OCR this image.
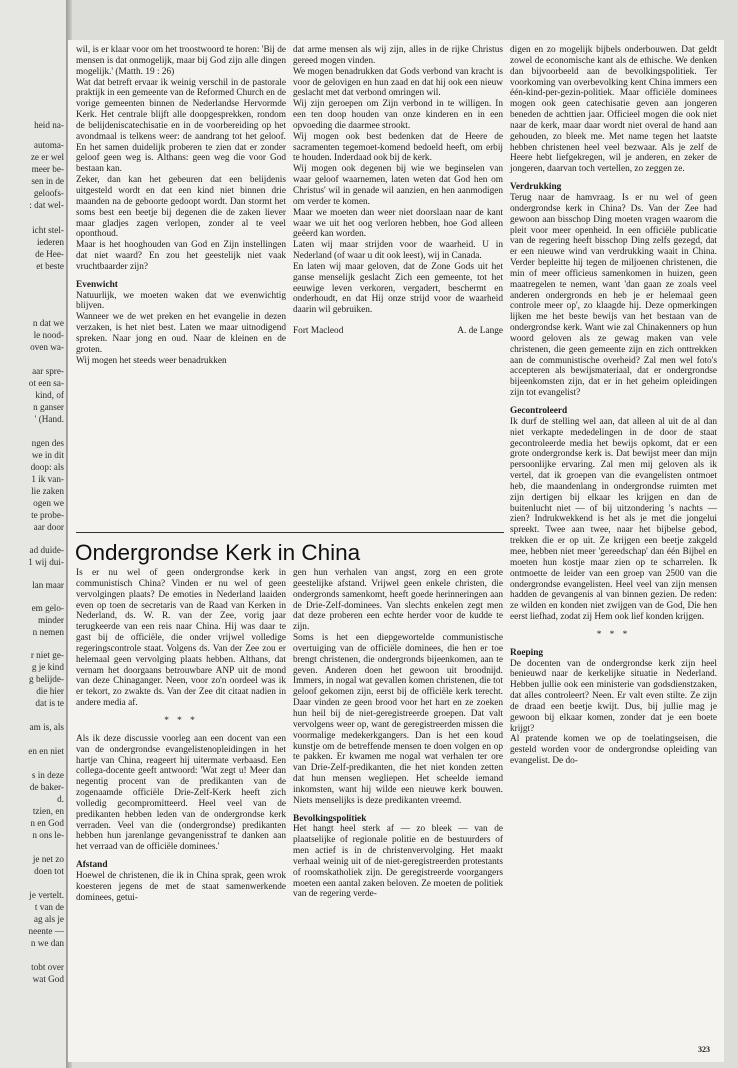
heid na-
automa-
ze er wel
meer be-
sen in de
geloofs-
: dat wel-
icht stel-
iederen
de Hee-
et beste
n dat we
le nood-
oven wa-
aar spre-
ot een sa-
kind, of
n ganser
' (Hand.
ngen des
we in dit
doop: als
1 ik van-
lie zaken
ogen we
te probe-
aar door
ad duide-
1 wij dui-
lan maar
em gelo-
minder
n nemen
r niet ge-
g je kind
g belijde-
die hier
dat is te
am is, als
en en niet
s in deze
de baker-
d.
tzien, en
n en God
n ons le-
je net zo
doen tot
je vertelt.
t van de
ag als je
neente —
n we dan
tobt over
wat God

wil, is er klaar voor om het troostwoord te horen: 'Bij de mensen is dat onmogelijk, maar bij God zijn alle dingen mogelijk.' (Matth. 19 : 26)

Wat dat betreft ervaar ik weinig verschil in de pastorale praktijk in een gemeente van de Reformed Church en de vorige gemeenten binnen de Nederlandse Hervormde Kerk. Het centrale blijft alle doopgesprekken, rondom de belijdeniscatechisatie en in de voorbereiding op het avondmaal is telkens weer: de aandrang tot het geloof. En het samen duidelijk proberen te zien dat er zonder geloof geen weg is. Althans: geen weg die voor God bestaan kan.

Zeker, dan kan het gebeuren dat een belijdenis uitgesteld wordt en dat een kind niet binnen drie maanden na de geboorte gedoopt wordt. Dan stormt het soms best een beetje bij degenen die de zaken liever maar gladjes zagen verlopen, zonder al te veel oponthoud.

Maar is het hooghouden van God en Zijn instellingen dat niet waard? En zou het geestelijk niet vaak vruchtbaarder zijn?

Evenwicht

Natuurlijk, we moeten waken dat we evenwichtig blijven.

Wanneer we de wet preken en het evangelie in dezen verzaken, is het niet best. Laten we maar uitnodigend spreken. Naar jong en oud. Naar de kleinen en de groten.

Wij mogen het steeds weer benadrukken

dat arme mensen als wij zijn, alles in de rijke Christus gereed mogen vinden.

We mogen benadrukken dat Gods verbond van kracht is voor de gelovigen en hun zaad en dat hij ook een nieuw geslacht met dat verbond omringen wil.

Wij zijn geroepen om Zijn verbond in te willigen. In een ten doop houden van onze kinderen en in een opvoeding die daarmee strookt.

Wij mogen ook best bedenken dat de Heere de sacramenten tegemoet-komend bedoeld heeft, om erbij te houden. Inderdaad ook bij de kerk.

Wij mogen ook degenen bij wie we beginselen van waar geloof waarnemen, laten weten dat God hen om Christus' wil in genade wil aanzien, en hen aanmodigen om verder te komen.

Maar we moeten dan weer niet doorslaan naar de kant waar we uit het oog verloren hebben, hoe God alleen geëerd kan worden.

Laten wij maar strijden voor de waarheid. U in Nederland (of waar u dit ook leest), wij in Canada.

En laten wij maar geloven, dat de Zone Gods uit het ganse menselijk geslacht Zich een gemeente, tot het eeuwige leven verkoren, vergadert, beschermt en onderhoudt, en dat Hij onze strijd voor de waarheid daarin wil gebruiken.

Fort Macleod	A. de Lange
Ondergrondse Kerk in China

Is er nu wel of geen ondergrondse kerk in communistisch China? Vinden er nu wel of geen vervolgingen plaats? De emoties in Nederland laaiden even op toen de secretaris van de Raad van Kerken in Nederland, ds. W. R. van der Zee, vorig jaar terugkeerde van een reis naar China. Hij was daar te gast bij de officiële, die onder vrijwel volledige regeringscontrole staat. Volgens ds. Van der Zee zou er helemaal geen vervolging plaats hebben. Althans, dat vernam het doorgaans betrouwbare ANP uit de mond van deze Chinaganger. Neen, voor zo'n oordeel was ik er tekort, zo zwakte ds. Van der Zee dit citaat nadien in andere media af.

* * *

Als ik deze discussie voorleg aan een docent van een van de ondergrondse evangelistenopleidingen in het hartje van China, reageert hij uitermate verbaasd. Een collega-docente geeft antwoord: 'Wat zegt u! Meer dan negentig procent van de predikanten van de zogenaamde officiële Drie-Zelf-Kerk heeft zich volledig gecompromitteerd. Heel veel van de predikanten hebben leden van de ondergrondse kerk verraden. Veel van die (ondergrondse) predikanten hebben hun jarenlange gevangenisstraf te danken aan het verraad van de officiële dominees.'

Afstand

Hoewel de christenen, die ik in China sprak, geen wrok koesteren jegens de met de staat samenwerkende dominees, getui-

gen hun verhalen van angst, zorg en een grote geestelijke afstand. Vrijwel geen enkele christen, die ondergronds samenkomt, heeft goede herinneringen aan de Drie-Zelf-dominees. Van slechts enkelen zegt men dat deze proberen een echte herder voor de kudde te zijn.

Soms is het een diepgewortelde communistische overtuiging van de officiële dominees, die hen er toe brengt christenen, die ondergronds bijeenkomen, aan te geven. Anderen doen het gewoon uit broodnijd. Immers, in nogal wat gevallen komen christenen, die tot geloof gekomen zijn, eerst bij de officiële kerk terecht. Daar vinden ze geen brood voor het hart en ze zoeken hun heil bij de niet-geregistreerde groepen. Dat valt vervolgens weer op, want de geregistreerden missen die voormalige medekerkgangers. Dan is het een koud kunstje om de betreffende mensen te doen volgen en op te pakken. Er kwamen me nogal wat verhalen ter ore van Drie-Zelf-predikanten, die het niet konden zetten dat hun mensen wegliepen. Het scheelde iemand inkomsten, want hij wilde een nieuwe kerk bouwen. Niets menselijks is deze predikanten vreemd.

Bevolkingspolitiek

Het hangt heel sterk af — zo bleek — van de plaatselijke of regionale politie en de bestuurders of men actief is in de christenvervolging. Het maakt verhaal weinig uit of de niet-geregistreerden protestants of roomskatholiek zijn. De geregistreerde voorgangers moeten een aantal zaken beloven. Ze moeten de politiek van de regering verde-

digen en zo mogelijk bijbels onderbouwen. Dat geldt zowel de economische kant als de ethische. We denken dan bijvoorbeeld aan de bevolkingspolitiek. Ter voorkoming van overbevolking kent China immers een één-kind-per-gezin-politiek. Maar officiële dominees mogen ook geen catechisatie geven aan jongeren beneden de achttien jaar. Officieel mogen die ook niet naar de kerk, maar daar wordt niet overal de hand aan gehouden, zo bleek me. Met name tegen het laatste hebben christenen heel veel bezwaar. Als je zelf de Heere hebt liefgekregen, wil je anderen, en zeker de jongeren, daarvan toch vertellen, zo zeggen ze.

Verdrukking

Terug naar de hamvraag. Is er nu wel of geen ondergrondse kerk in China? Ds. Van der Zee had gewoon aan bisschop Ding moeten vragen waarom die pleit voor meer openheid. In een officiële publicatie van de regering heeft bisschop Ding zelfs gezegd, dat er een nieuwe wind van verdrukking waait in China. Verder bepleitte hij tegen de miljoenen christenen, die min of meer officieus samenkomen in huizen, geen maatregelen te nemen, want 'dan gaan ze zoals veel anderen ondergronds en heb je er helemaal geen controle meer op', zo klaagde hij. Deze opmerkingen lijken me het beste bewijs van het bestaan van de ondergrondse kerk. Want wie zal Chinakenners op hun woord geloven als ze gewag maken van vele christenen, die geen gemeente zijn en zich onttrekken aan de communistische overheid? Zal men wel foto's accepteren als bewijsmateriaal, dat er ondergrondse bijeenkomsten zijn, dat er in het geheim opleidingen zijn tot evangelist?

Gecontroleerd

Ik durf de stelling wel aan, dat alleen al uit de al dan niet verkapte mededelingen in de door de staat gecontroleerde media het bewijs opkomt, dat er een grote ondergrondse kerk is. Dat bewijst meer dan mijn persoonlijke ervaring. Zal men mij geloven als ik vertel, dat ik groepen van die evangelisten ontmoet heb, die maandenlang in ondergrondse ruimten met zijn dertigen bij elkaar les krijgen en dan de buitenlucht niet — of bij uitzondering 's nachts — zien? Indrukwekkend is het als je met die jongelui spreekt. Twee aan twee, naar het bijbelse gebod, trekken die er op uit. Ze krijgen een beetje zakgeld mee, hebben niet meer 'gereedschap' dan één Bijbel en moeten hun kostje maar zien op te scharrelen. Ik ontmoette de leider van een groep van 2500 van die ondergrondse evangelisten. Heel veel van zijn mensen hadden de gevangenis al van binnen gezien. De reden: ze wilden en konden niet zwijgen van de God, Die hen eerst liefhad, zodat zij Hem ook lief konden krijgen.

* * *

Roeping

De docenten van de ondergrondse kerk zijn heel benieuwd naar de kerkelijke situatie in Nederland. Hebben jullie ook een ministerie van godsdienstzaken, dat alles controleert? Neen. Er valt even stilte. Ze zijn de draad een beetje kwijt. Dus, bij jullie mag je gewoon bij elkaar komen, zonder dat je een boete krijgt?

Al pratende komen we op de toelatingseisen, die gesteld worden voor de ondergrondse opleiding van evangelist. De do-

323
